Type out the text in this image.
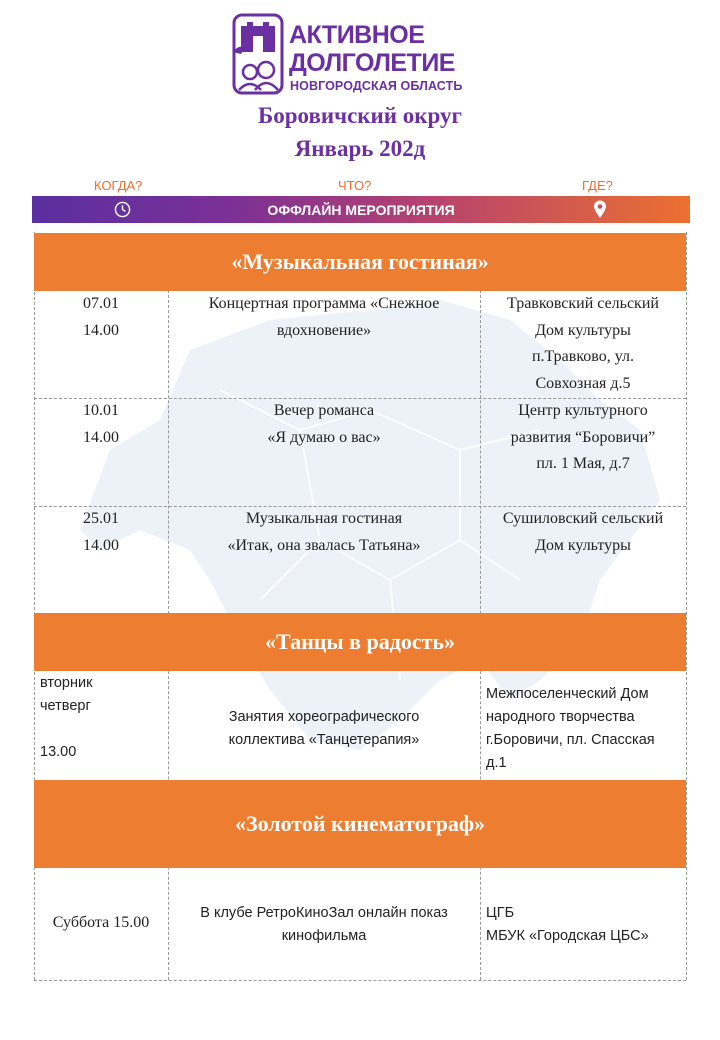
АКТИВНОЕ
ДОЛГОЛЕТИЕ
НОВГОРОДСКАЯ ОБЛАСТЬ
Боровичский округ
Январь 202д
КОГДА?	ЧТО?	ГДЕ?
ОФФЛАЙН МЕРОПРИЯТИЯ
«Музыкальная гостиная»
07.01
14.00
Концертная программа «Снежное
вдохновение»
Травковский сельский
Дом культуры
п.Травково, ул.
Совхозная д.5
10.01
14.00
Вечер романса
«Я думаю о вас»
Центр культурного
развития “Боровичи”
пл. 1 Мая, д.7
25.01
14.00
Музыкальная гостиная
«Итак, она звалась Татьяна»
Сушиловский сельский
Дом культуры
«Танцы в радость»
вторник
четверг
13.00
Занятия хореографического
коллектива «Танцетерапия»
Межпоселенческий Дом
народного творчества
г.Боровичи, пл. Спасская
д.1
«Золотой кинематограф»
Суббота 15.00
В клубе РетроКиноЗал онлайн показ
кинофильма
ЦГБ
МБУК «Городская ЦБС»
